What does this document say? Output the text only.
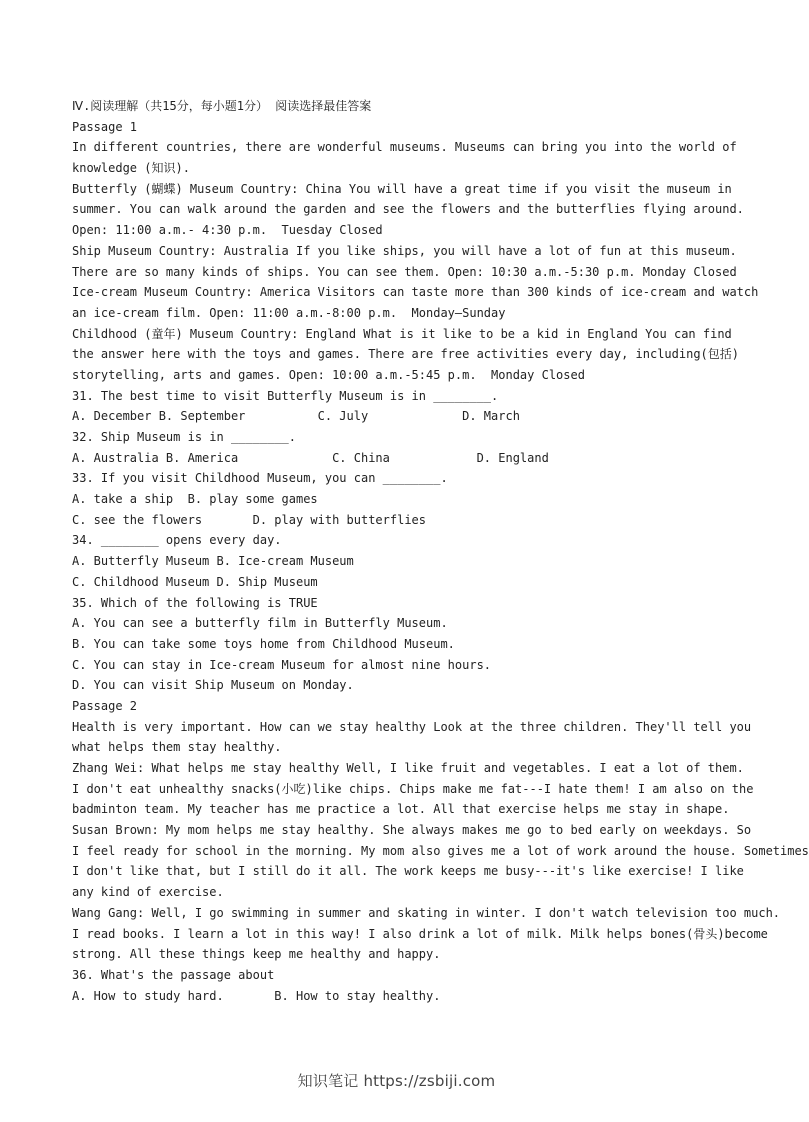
Ⅳ.阅读理解（共15分，每小题1分） 阅读选择最佳答案
Passage 1
In different countries, there are wonderful museums. Museums can bring you into the world of
knowledge (知识).
Butterfly (蝴蝶) Museum Country: China You will have a great time if you visit the museum in
summer. You can walk around the garden and see the flowers and the butterflies flying around.
Open: 11:00 a.m.- 4:30 p.m.  Tuesday Closed
Ship Museum Country: Australia If you like ships, you will have a lot of fun at this museum.
There are so many kinds of ships. You can see them. Open: 10:30 a.m.-5:30 p.m. Monday Closed
Ice-cream Museum Country: America Visitors can taste more than 300 kinds of ice-cream and watch
an ice-cream film. Open: 11:00 a.m.-8:00 p.m.  Monday—Sunday
Childhood (童年) Museum Country: England What is it like to be a kid in England You can find
the answer here with the toys and games. There are free activities every day, including(包括)
storytelling, arts and games. Open: 10:00 a.m.-5:45 p.m.  Monday Closed
31. The best time to visit Butterfly Museum is in ________.
A. December B. September          C. July             D. March
32. Ship Museum is in ________.
A. Australia B. America             C. China            D. England
33. If you visit Childhood Museum, you can ________.
A. take a ship  B. play some games
C. see the flowers       D. play with butterflies
34. ________ opens every day.
A. Butterfly Museum B. Ice-cream Museum
C. Childhood Museum D. Ship Museum
35. Which of the following is TRUE
A. You can see a butterfly film in Butterfly Museum.
B. You can take some toys home from Childhood Museum.
C. You can stay in Ice-cream Museum for almost nine hours.
D. You can visit Ship Museum on Monday.
Passage 2
Health is very important. How can we stay healthy Look at the three children. They'll tell you
what helps them stay healthy.
Zhang Wei: What helps me stay healthy Well, I like fruit and vegetables. I eat a lot of them.
I don't eat unhealthy snacks(小吃)like chips. Chips make me fat---I hate them! I am also on the
badminton team. My teacher has me practice a lot. All that exercise helps me stay in shape.
Susan Brown: My mom helps me stay healthy. She always makes me go to bed early on weekdays. So
I feel ready for school in the morning. My mom also gives me a lot of work around the house. Sometimes
I don't like that, but I still do it all. The work keeps me busy---it's like exercise! I like
any kind of exercise.
Wang Gang: Well, I go swimming in summer and skating in winter. I don't watch television too much.
I read books. I learn a lot in this way! I also drink a lot of milk. Milk helps bones(骨头)become
strong. All these things keep me healthy and happy.
36. What's the passage about
A. How to study hard.       B. How to stay healthy.
知识笔记 https://zsbiji.com
